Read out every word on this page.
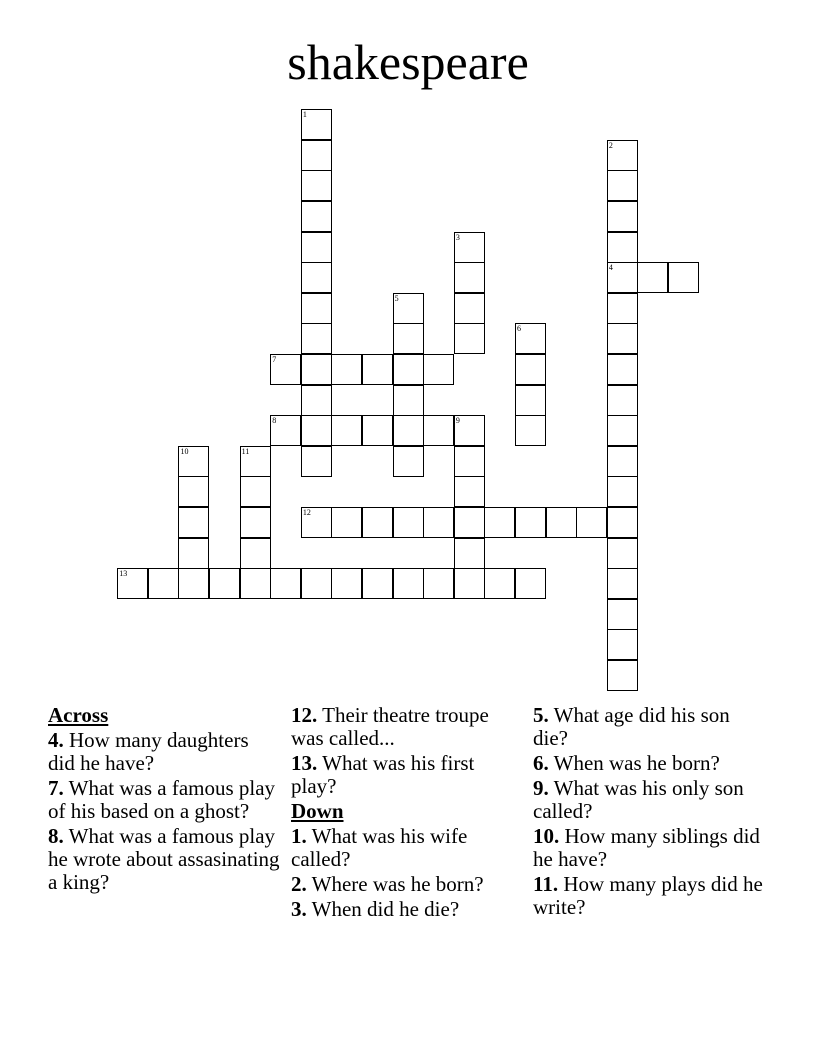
shakespeare
1
2
4
3
5
6
7
8	9
10	11
12
13
Across

4. How many daughters did he have?

7. What was a famous play of his based on a ghost?

8. What was a famous play he wrote about assasinating a king?

12. Their theatre troupe was called...

13. What was his first play?

Down

1. What was his wife called?

2. Where was he born?

3. When did he die?

5. What age did his son die?

6. When was he born?

9. What was his only son called?

10. How many siblings did he have?

11. How many plays did he write?
